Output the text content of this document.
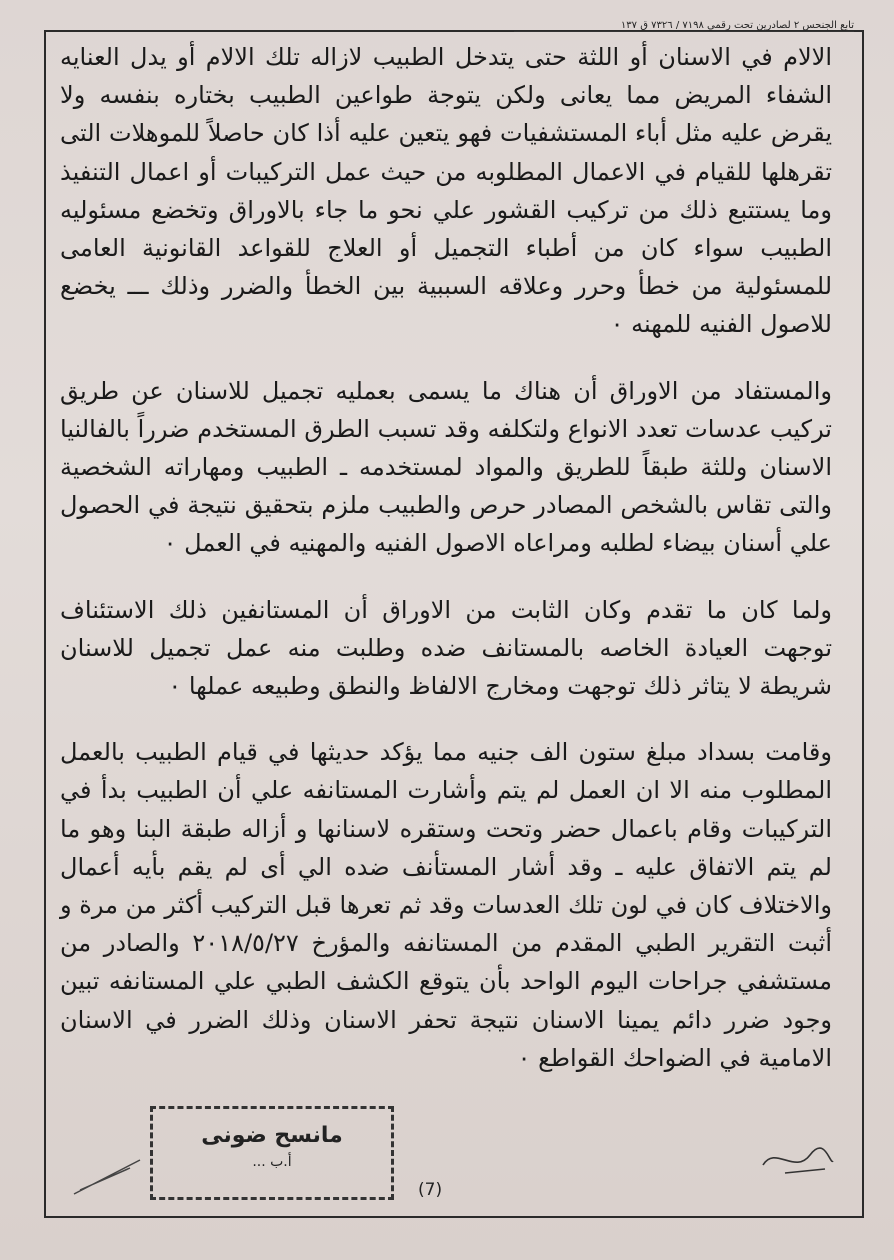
تابع الجنحس ٢ لصادرين تحت رقمي ٧١٩٨ / ٧٣٢٦ ق ١٣٧

الالام في الاسنان أو اللثة حتى يتدخل الطبيب لازاله تلك الالام أو يدل العنايه الشفاء المريض مما يعانى ولكن يتوجة طواعين الطبيب بختاره بنفسه ولا يقرض عليه مثل أباء المستشفيات فهو يتعين عليه أذا كان حاصلاً للموهلات التى تقرهلها للقيام في الاعمال المطلوبه من حيث عمل التركيبات أو اعمال التنفيذ وما يستتبع ذلك من تركيب القشور علي نحو ما جاء بالاوراق وتخضع مسئوليه الطبيب سواء كان من أطباء التجميل أو العلاج للقواعد القانونية العامى للمسئولية من خطأ وحرر وعلاقه السببية بين الخطأ والضرر وذلك ـــ يخضع للاصول الفنيه للمهنه ٠

والمستفاد من الاوراق أن هناك ما يسمى بعمليه تجميل للاسنان عن طريق تركيب عدسات تعدد الانواع ولتكلفه وقد تسبب الطرق المستخدم ضرراً بالفالنيا الاسنان وللثة طبقاً للطريق والمواد لمستخدمه ـ الطبيب ومهاراته الشخصية والتى تقاس بالشخص المصادر حرص والطبيب ملزم بتحقيق نتيجة في الحصول علي أسنان بيضاء لطلبه ومراعاه الاصول الفنيه والمهنيه في العمل ٠

ولما كان ما تقدم وكان الثابت من الاوراق أن المستانفين ذلك الاستئناف توجهت العيادة الخاصه بالمستانف ضده وطلبت منه عمل تجميل للاسنان شريطة لا يتاثر ذلك توجهت ومخارج الالفاظ والنطق وطبيعه عملها ٠

وقامت بسداد مبلغ ستون الف جنيه مما يؤكد حديثها في قيام الطبيب بالعمل المطلوب منه الا ان العمل لم يتم وأشارت المستانفه علي أن الطبيب بدأ في التركيبات وقام باعمال حضر وتحت وستقره لاسنانها و أزاله طبقة البنا وهو ما لم يتم الاتفاق عليه ـ وقد أشار المستأنف ضده الي أى لم يقم بأيه أعمال والاختلاف كان في لون تلك العدسات وقد ثم تعرها قبل التركيب أكثر من مرة و أثبت التقرير الطبي المقدم من المستانفه والمؤرخ ٢٠١٨/٥/٢٧ والصادر من مستشفي جراحات اليوم الواحد بأن يتوقع الكشف الطبي علي المستانفه تبين وجود ضرر دائم يمينا الاسنان نتيجة تحفر الاسنان وذلك الضرر في الاسنان الامامية في الضواحك القواطع ٠

مانسح ضونى
أ.ب ...
(7)
